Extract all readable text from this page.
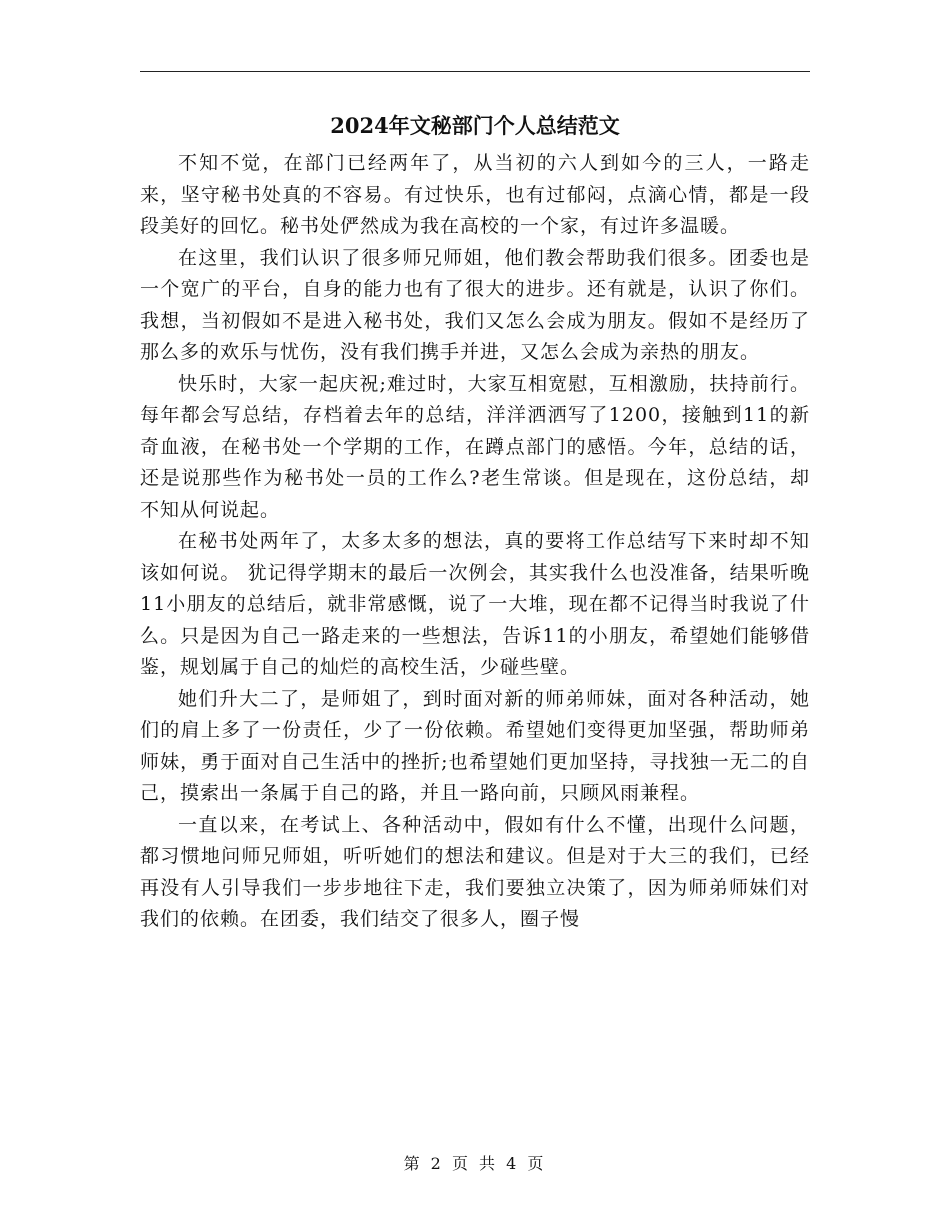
2024年文秘部门个人总结范文

不知不觉，在部门已经两年了，从当初的六人到如今的三人，一路走来，坚守秘书处真的不容易。有过快乐，也有过郁闷，点滴心情，都是一段段美好的回忆。秘书处俨然成为我在高校的一个家，有过许多温暖。

在这里，我们认识了很多师兄师姐，他们教会帮助我们很多。团委也是一个宽广的平台，自身的能力也有了很大的进步。还有就是，认识了你们。我想，当初假如不是进入秘书处，我们又怎么会成为朋友。假如不是经历了那么多的欢乐与忧伤，没有我们携手并进，又怎么会成为亲热的朋友。

快乐时，大家一起庆祝;难过时，大家互相宽慰，互相激励，扶持前行。每年都会写总结，存档着去年的总结，洋洋洒洒写了1200，接触到11的新奇血液，在秘书处一个学期的工作，在蹲点部门的感悟。今年，总结的话，还是说那些作为秘书处一员的工作么?老生常谈。但是现在，这份总结，却不知从何说起。

在秘书处两年了，太多太多的想法，真的要将工作总结写下来时却不知该如何说。 犹记得学期末的最后一次例会，其实我什么也没准备，结果听晚11小朋友的总结后，就非常感慨，说了一大堆，现在都不记得当时我说了什么。只是因为自己一路走来的一些想法，告诉11的小朋友，希望她们能够借鉴，规划属于自己的灿烂的高校生活，少碰些壁。

她们升大二了，是师姐了，到时面对新的师弟师妹，面对各种活动，她们的肩上多了一份责任，少了一份依赖。希望她们变得更加坚强，帮助师弟师妹，勇于面对自己生活中的挫折;也希望她们更加坚持，寻找独一无二的自己，摸索出一条属于自己的路，并且一路向前，只顾风雨兼程。

一直以来，在考试上、各种活动中，假如有什么不懂，出现什么问题，都习惯地问师兄师姐，听听她们的想法和建议。但是对于大三的我们，已经再没有人引导我们一步步地往下走，我们要独立决策了，因为师弟师妹们对我们的依赖。在团委，我们结交了很多人，圈子慢

第 2 页 共 4 页
